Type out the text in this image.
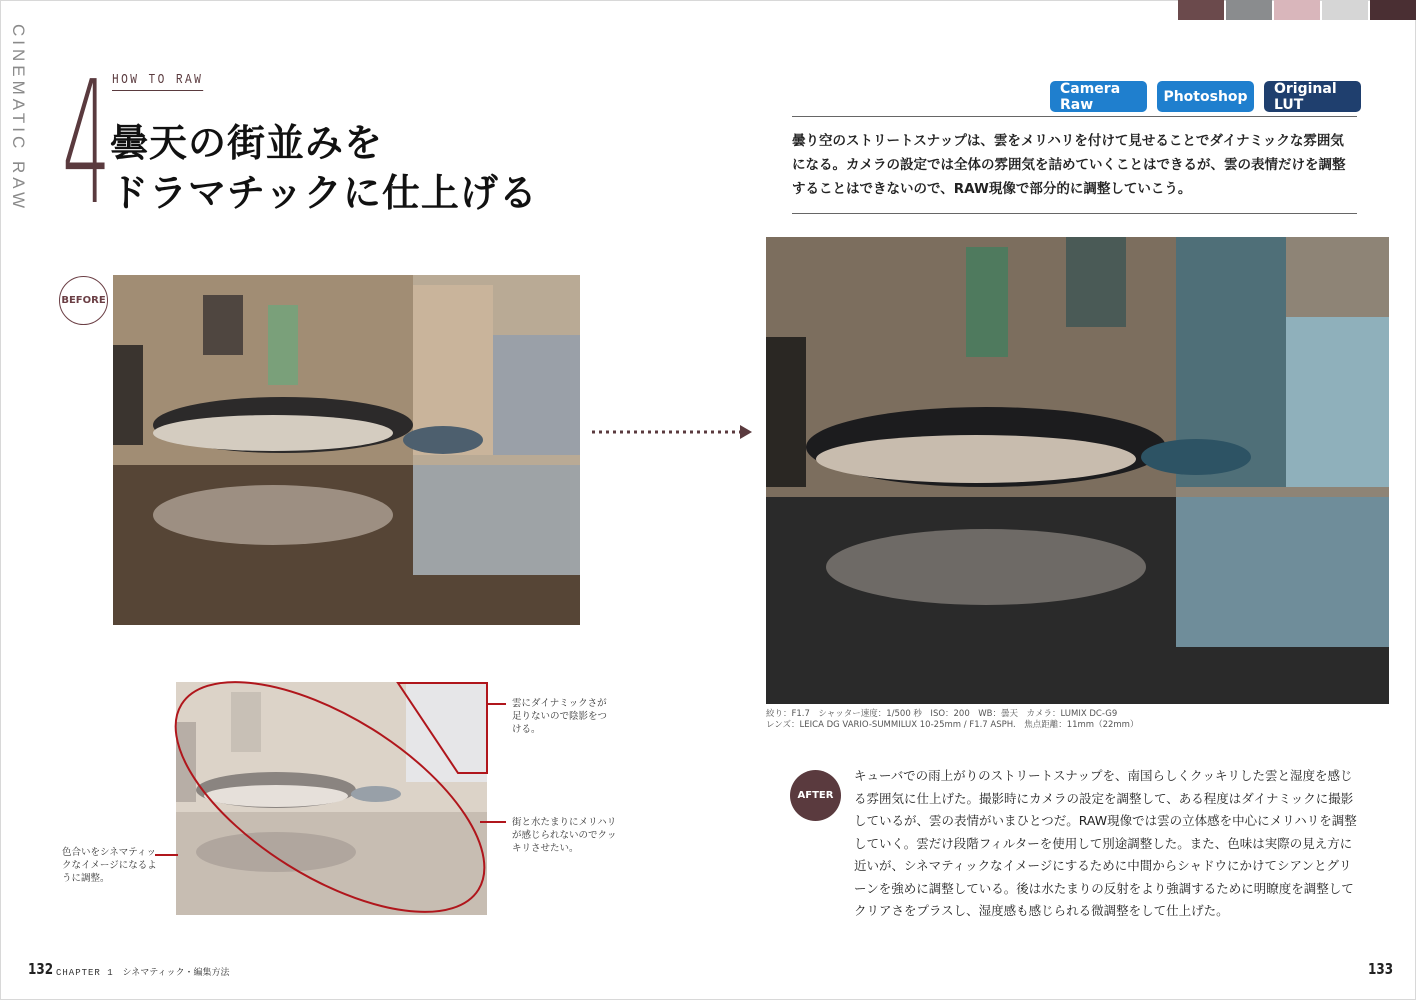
CINEMATIC RAW 4 HOW TO RAW
曇天の街並みを
ドラマチックに仕上げる
Camera Raw	Photoshop	Original LUT
曇り空のストリートスナップは、雲をメリハリを付けて見せることでダイナミックな雰囲気になる。カメラの設定では全体の雰囲気を詰めていくことはできるが、雲の表情だけを調整することはできないので、RAW現像で部分的に調整していこう。
BEFORE
絞り：F1.7　シャッター速度：1/500 秒　ISO：200　WB：曇天　カメラ：LUMIX DC-G9
レンズ：LEICA DG VARIO-SUMMILUX 10-25mm / F1.7 ASPH.　焦点距離：11mm（22mm）
雲にダイナミックさが足りないので陰影をつける。
街と水たまりにメリハリが感じられないのでクッキリさせたい。
色合いをシネマティックなイメージになるように調整。
AFTER
キューバでの雨上がりのストリートスナップを、南国らしくクッキリした雲と湿度を感じる雰囲気に仕上げた。撮影時にカメラの設定を調整して、ある程度はダイナミックに撮影しているが、雲の表情がいまひとつだ。RAW現像では雲の立体感を中心にメリハリを調整していく。雲だけ段階フィルターを使用して別途調整した。また、色味は実際の見え方に近いが、シネマティックなイメージにするために中間からシャドウにかけてシアンとグリーンを強めに調整している。後は水たまりの反射をより強調するために明瞭度を調整してクリアさをプラスし、湿度感も感じられる微調整をして仕上げた。
132 CHAPTER 1 シネマティック・編集方法	133
